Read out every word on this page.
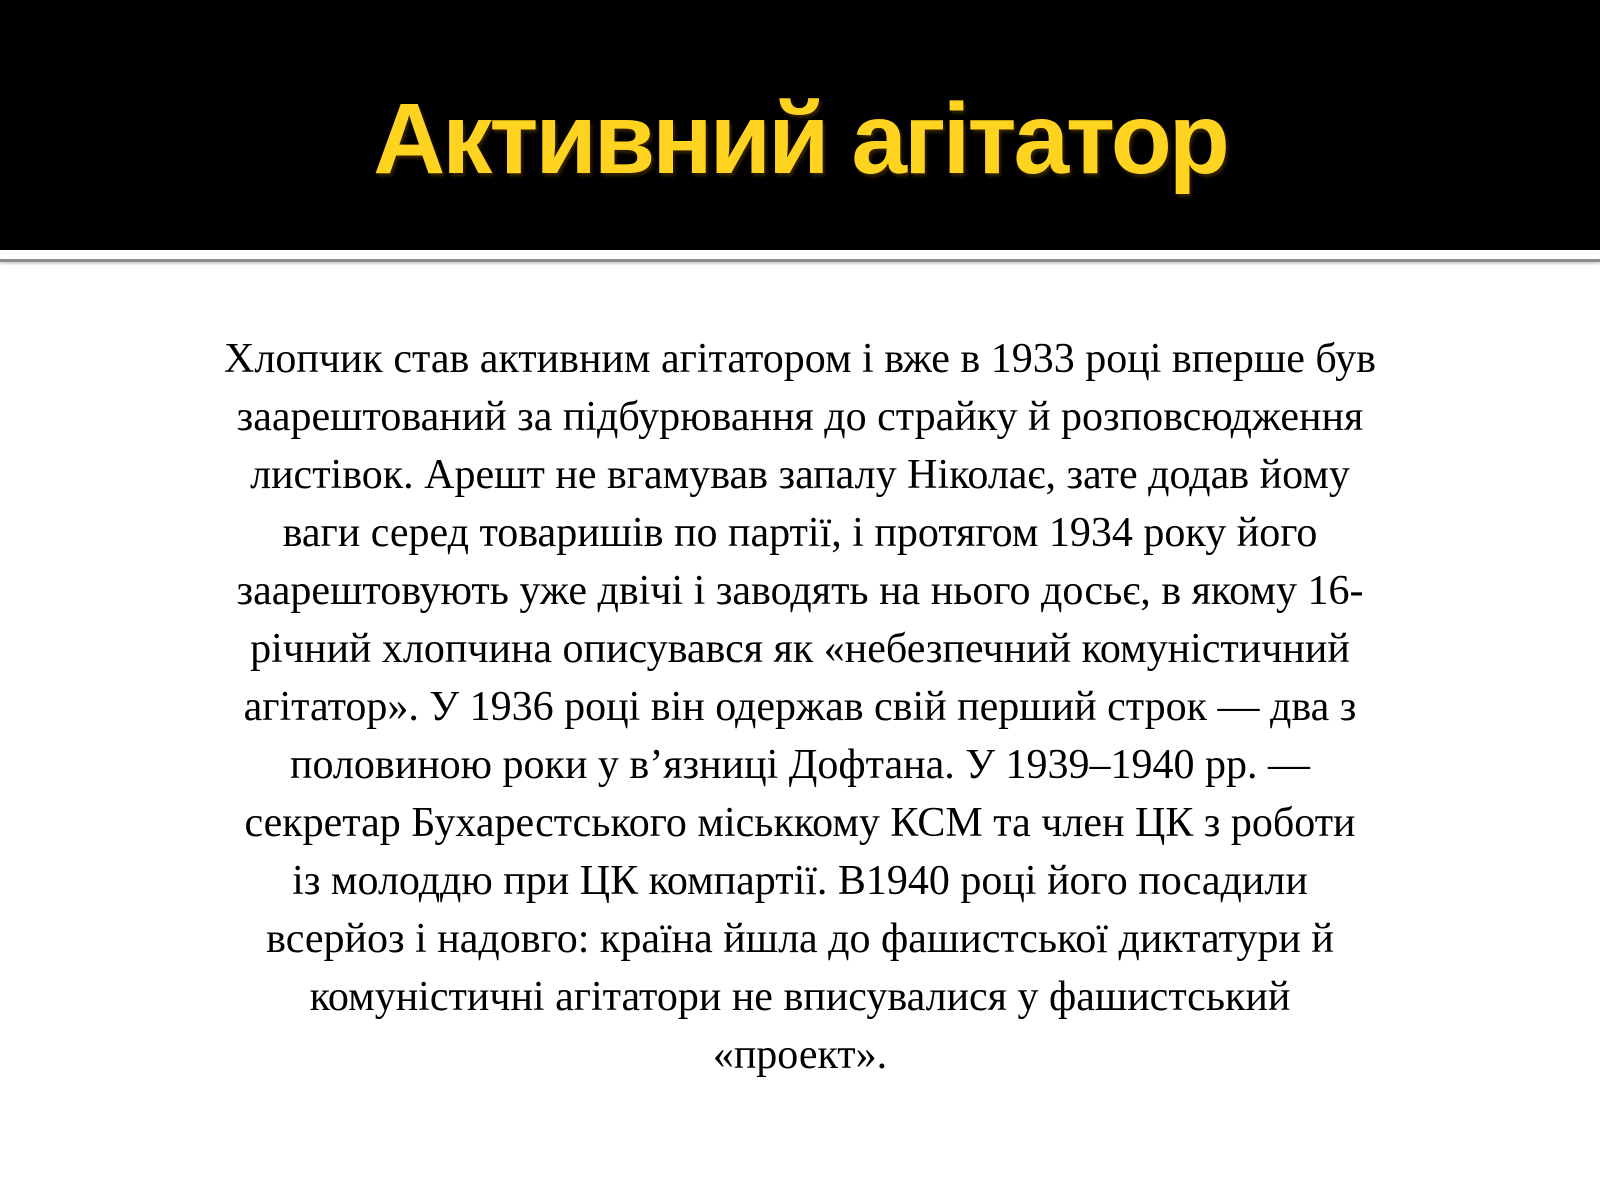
Активний агітатор

Хлопчик став активним агітатором і вже в 1933 році вперше був

заарештований за підбурювання до страйку й розповсюдження

листівок. Арешт не вгамував запалу Ніколає, зате додав йому

ваги серед товаришів по партії, і протягом 1934 року його

заарештовують уже двічі і заводять на нього досьє, в якому 16-

річний хлопчина описувався як «небезпечний комуністичний

агітатор». У 1936 році він одержав свій перший строк — два з

половиною роки у в’язниці Дофтана. У 1939–1940 рр. —

секретар Бухарестського міськкому КСМ та член ЦК з роботи

із молоддю при ЦК компартії. В1940 році його посадили

всерйоз і надовго: країна йшла до фашистської диктатури й

комуністичні агітатори не вписувалися у фашистський

«проект».
